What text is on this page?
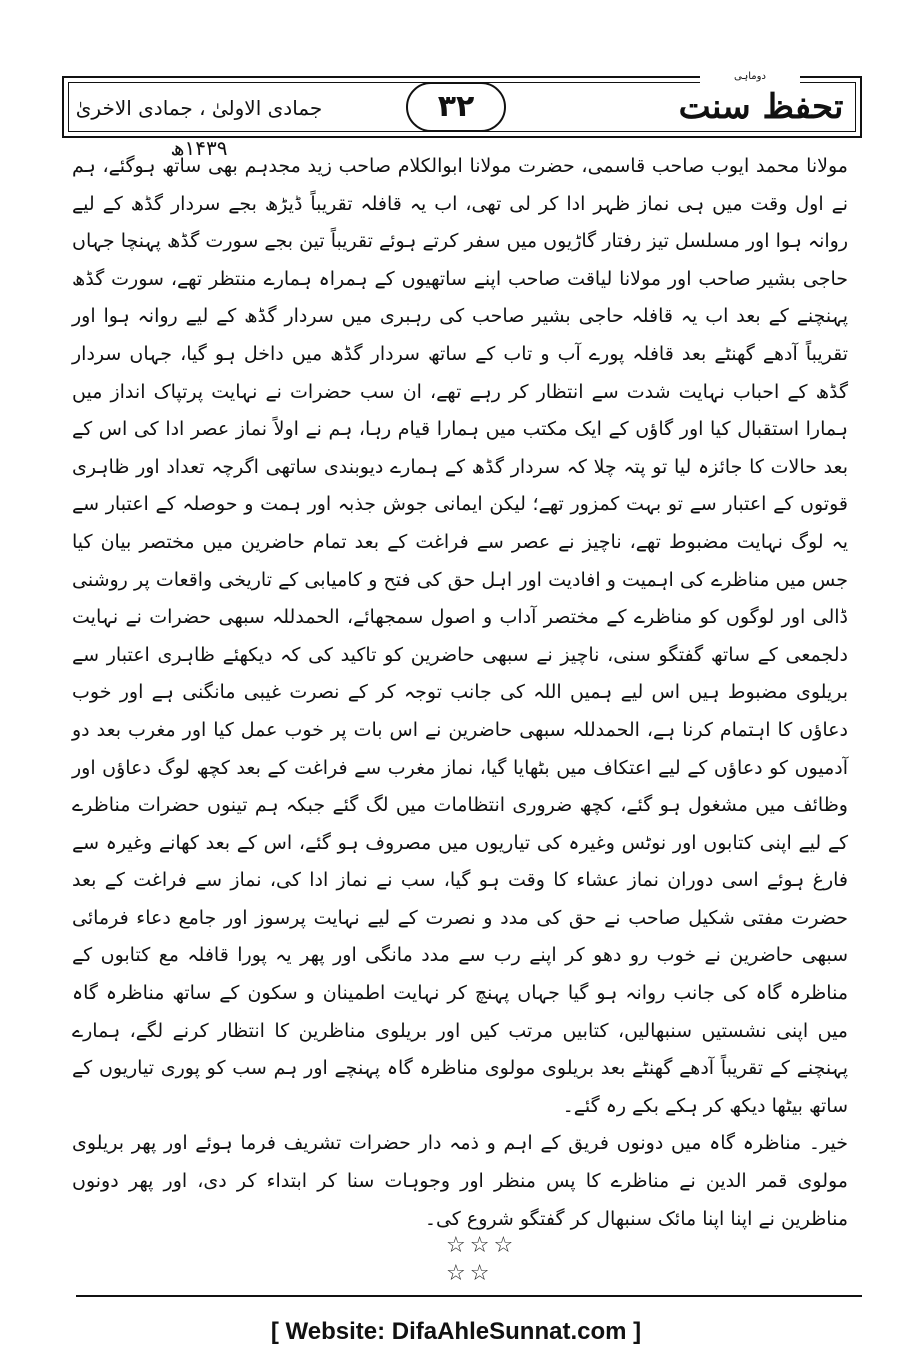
دوماہی
تحفظ سنت
۳۲
جمادی الاولیٰ ، جمادی الاخریٰ ۱۴۳۹ھ

مولانا محمد ایوب صاحب قاسمی، حضرت مولانا ابوالکلام صاحب زید مجدہم بھی ساتھ ہوگئے، ہم نے اول وقت میں ہی نماز ظہر ادا کر لی تھی، اب یہ قافلہ تقریباً ڈیڑھ بجے سردار گڈھ کے لیے روانہ ہوا اور مسلسل تیز رفتار گاڑیوں میں سفر کرتے ہوئے تقریباً تین بجے سورت گڈھ پہنچا جہاں حاجی بشیر صاحب اور مولانا لیاقت صاحب اپنے ساتھیوں کے ہمراہ ہمارے منتظر تھے، سورت گڈھ پہنچنے کے بعد اب یہ قافلہ حاجی بشیر صاحب کی رہبری میں سردار گڈھ کے لیے روانہ ہوا اور تقریباً آدھے گھنٹے بعد قافلہ پورے آب و تاب کے ساتھ سردار گڈھ میں داخل ہو گیا، جہاں سردار گڈھ کے احباب نہایت شدت سے انتظار کر رہے تھے، ان سب حضرات نے نہایت پرتپاک انداز میں ہمارا استقبال کیا اور گاؤں کے ایک مکتب میں ہمارا قیام رہا، ہم نے اولاً نماز عصر ادا کی اس کے بعد حالات کا جائزہ لیا تو پتہ چلا کہ سردار گڈھ کے ہمارے دیوبندی ساتھی اگرچہ تعداد اور ظاہری قوتوں کے اعتبار سے تو بہت کمزور تھے؛ لیکن ایمانی جوش جذبہ اور ہمت و حوصلہ کے اعتبار سے یہ لوگ نہایت مضبوط تھے، ناچیز نے عصر سے فراغت کے بعد تمام حاضرین میں مختصر بیان کیا جس میں مناظرے کی اہمیت و افادیت اور اہل حق کی فتح و کامیابی کے تاریخی واقعات پر روشنی ڈالی اور لوگوں کو مناظرے کے مختصر آداب و اصول سمجھائے، الحمدللہ سبھی حضرات نے نہایت دلجمعی کے ساتھ گفتگو سنی، ناچیز نے سبھی حاضرین کو تاکید کی کہ دیکھئے ظاہری اعتبار سے بریلوی مضبوط ہیں اس لیے ہمیں اللہ کی جانب توجہ کر کے نصرت غیبی مانگنی ہے اور خوب دعاؤں کا اہتمام کرنا ہے، الحمدللہ سبھی حاضرین نے اس بات پر خوب عمل کیا اور مغرب بعد دو آدمیوں کو دعاؤں کے لیے اعتکاف میں بٹھایا گیا، نماز مغرب سے فراغت کے بعد کچھ لوگ دعاؤں اور وظائف میں مشغول ہو گئے، کچھ ضروری انتظامات میں لگ گئے جبکہ ہم تینوں حضرات مناظرے کے لیے اپنی کتابوں اور نوٹس وغیرہ کی تیاریوں میں مصروف ہو گئے، اس کے بعد کھانے وغیرہ سے فارغ ہوئے اسی دوران نماز عشاء کا وقت ہو گیا، سب نے نماز ادا کی، نماز سے فراغت کے بعد حضرت مفتی شکیل صاحب نے حق کی مدد و نصرت کے لیے نہایت پرسوز اور جامع دعاء فرمائی سبھی حاضرین نے خوب رو دھو کر اپنے رب سے مدد مانگی اور پھر یہ پورا قافلہ مع کتابوں کے مناظرہ گاہ کی جانب روانہ ہو گیا جہاں پہنچ کر نہایت اطمینان و سکون کے ساتھ مناظرہ گاہ میں اپنی نشستیں سنبھالیں، کتابیں مرتب کیں اور بریلوی مناظرین کا انتظار کرنے لگے، ہمارے پہنچنے کے تقریباً آدھے گھنٹے بعد بریلوی مولوی مناظرہ گاہ پہنچے اور ہم سب کو پوری تیاریوں کے ساتھ بیٹھا دیکھ کر ہکے بکے رہ گئے۔

خیر۔ مناظرہ گاہ میں دونوں فریق کے اہم و ذمہ دار حضرات تشریف فرما ہوئے اور پھر بریلوی مولوی قمر الدین نے مناظرے کا پس منظر اور وجوہات سنا کر ابتداء کر دی، اور پھر دونوں مناظرین نے اپنا اپنا مائک سنبھال کر گفتگو شروع کی۔

☆☆☆ ☆☆
[ Website: DifaAhleSunnat.com ]
